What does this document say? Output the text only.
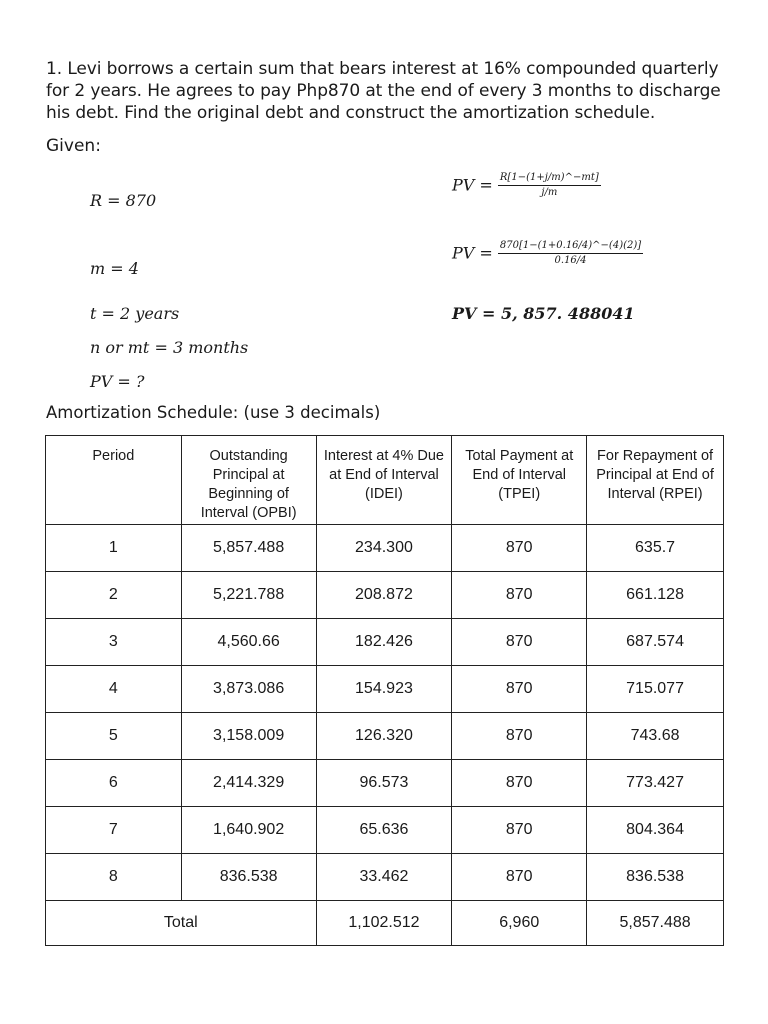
1. Levi borrows a certain sum that bears interest at 16% compounded quarterly

for 2 years. He agrees to pay Php870 at the end of every 3 months to discharge

his debt. Find the original debt and construct the amortization schedule.

Given:
R = 870
m = 4
t = 2 years
n or mt = 3 months
PV = ?
PV = $\frac{R[1-(1+j/m)\^{}-mt]}{j/m}$
PV = $\frac{870[1-(1+0.16/4)\^{}-(4)(2)]}{0.16/4}$
PV = 5, 857. 488041
Amortization Schedule: (use 3 decimals)
Period	Outstanding Principal at Beginning of Interval (OPBI)	Interest at 4% Due at End of Interval (IDEI)	Total Payment at End of Interval (TPEI)	For Repayment of Principal at End of Interval (RPEI)
1	5,857.488	234.300	870	635.7
2	5,221.788	208.872	870	661.128
3	4,560.66	182.426	870	687.574
4	3,873.086	154.923	870	715.077
5	3,158.009	126.320	870	743.68
6	2,414.329	96.573	870	773.427
7	1,640.902	65.636	870	804.364
8	836.538	33.462	870	836.538
Total		1,102.512	6,960	5,857.488
